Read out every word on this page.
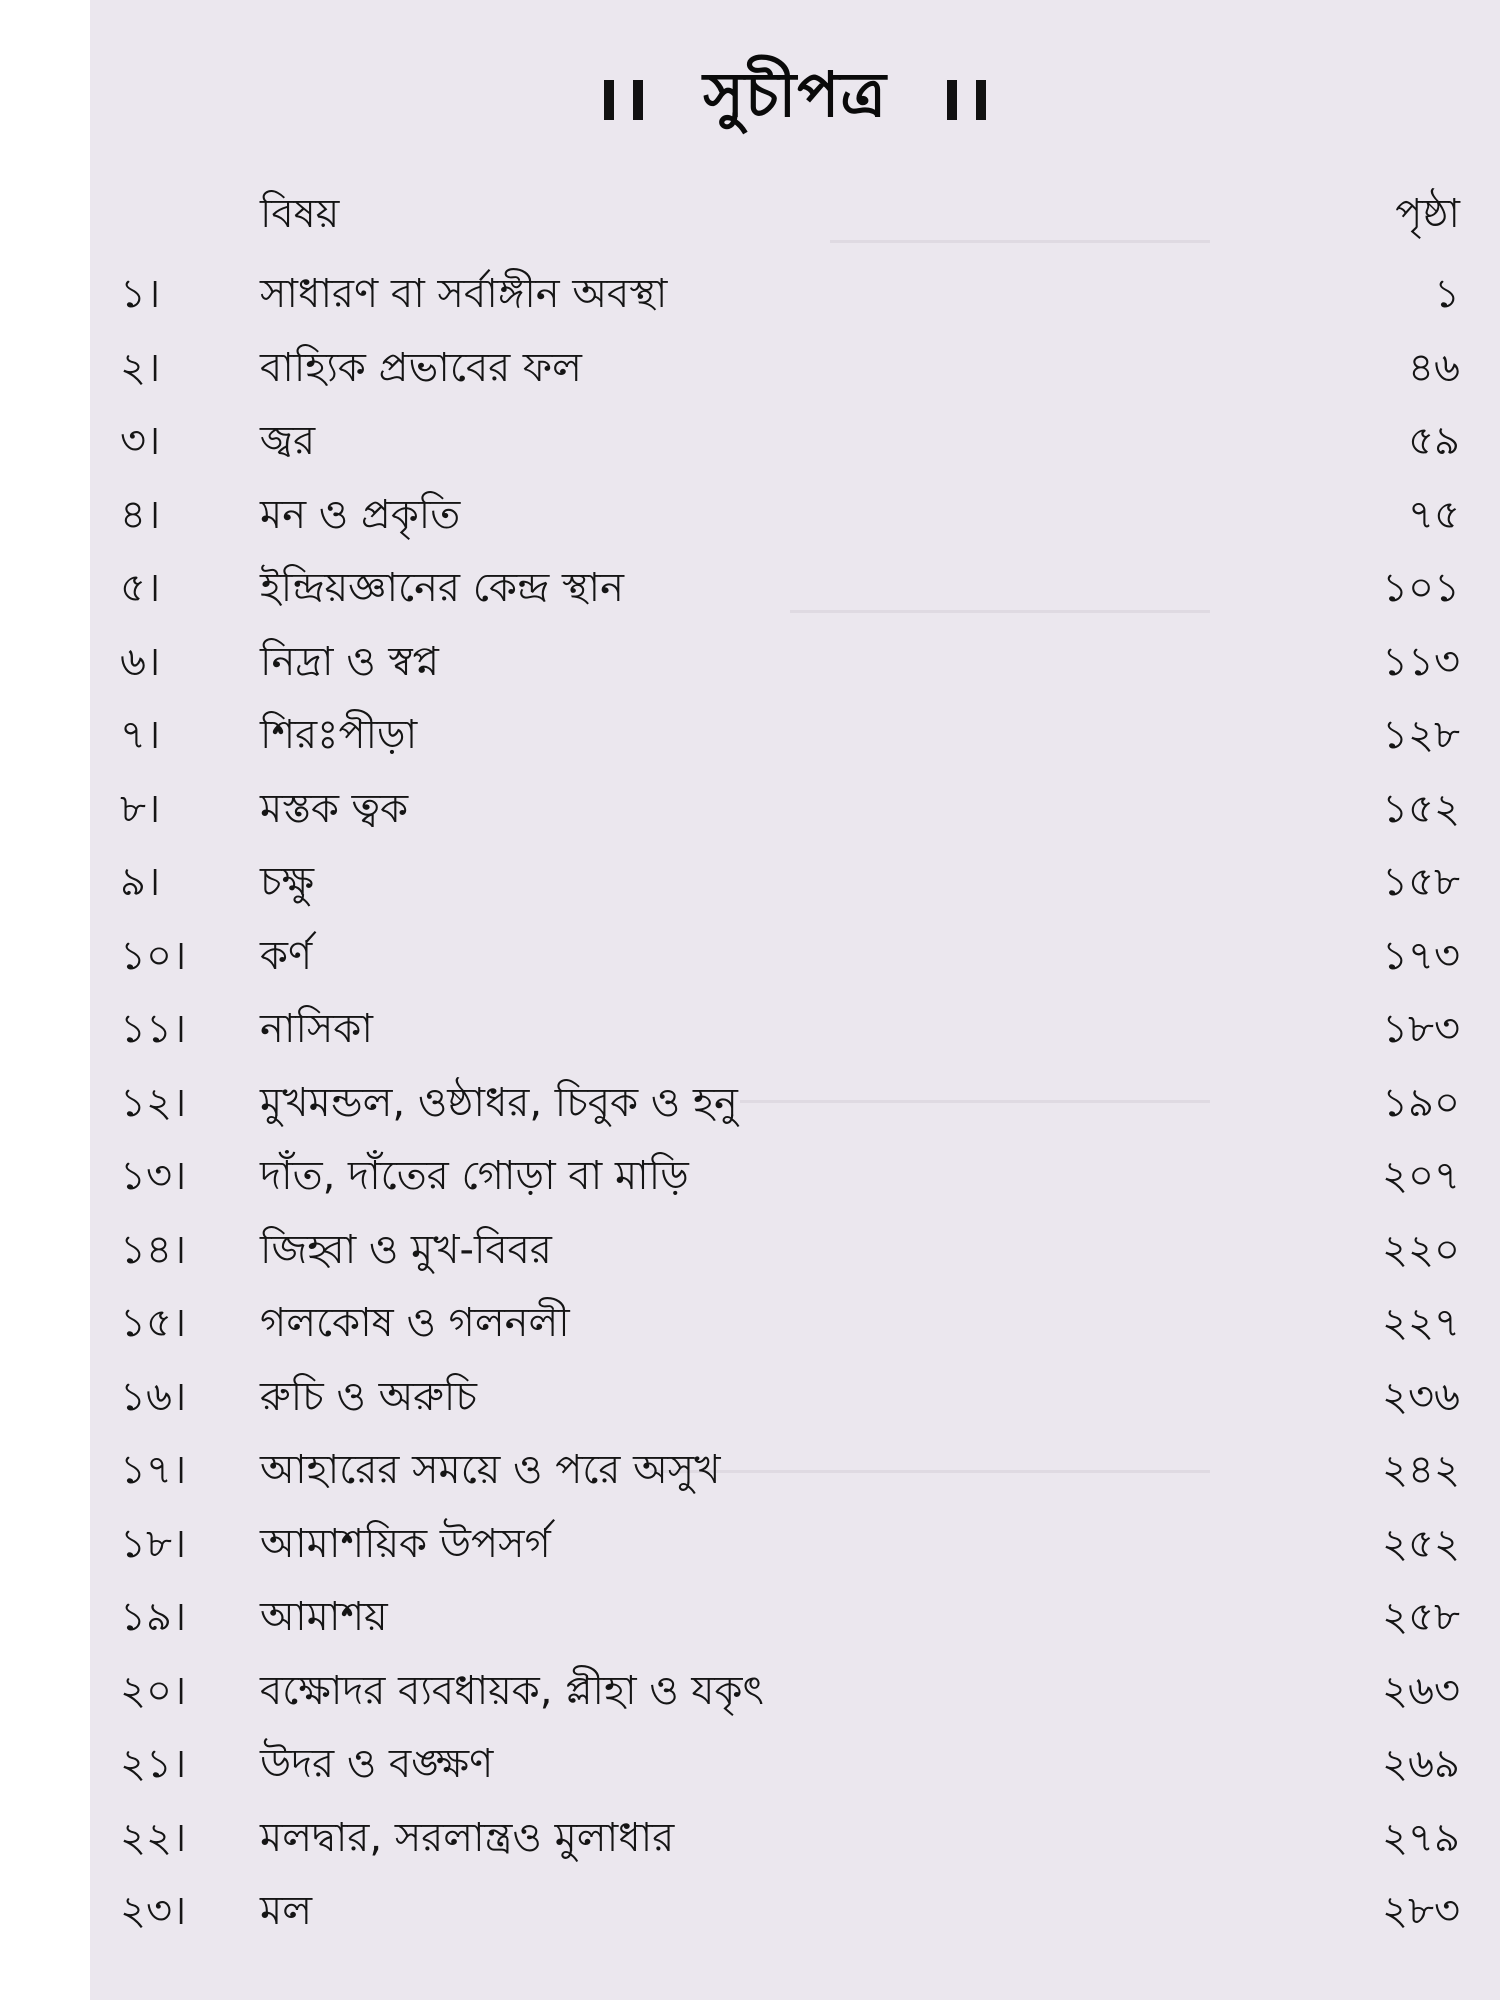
সুচীপত্র
বিষয়	পৃষ্ঠা
১।	সাধারণ বা সর্বাঙ্গীন অবস্থা	১
২।	বাহ্যিক প্রভাবের ফল	৪৬
৩।	জ্বর	৫৯
৪।	মন ও প্রকৃতি	৭৫
৫।	ইন্দ্রিয়জ্ঞানের কেন্দ্র স্থান	১০১
৬।	নিদ্রা ও স্বপ্ন	১১৩
৭।	শিরঃপীড়া	১২৮
৮।	মস্তক ত্বক	১৫২
৯।	চক্ষু	১৫৮
১০।	কর্ণ	১৭৩
১১।	নাসিকা	১৮৩
১২।	মুখমন্ডল, ওষ্ঠাধর, চিবুক ও হনু	১৯০
১৩।	দাঁত, দাঁতের গোড়া বা মাড়ি	২০৭
১৪।	জিহ্বা ও মুখ-বিবর	২২০
১৫।	গলকোষ ও গলনলী	২২৭
১৬।	রুচি ও অরুচি	২৩৬
১৭।	আহারের সময়ে ও পরে অসুখ	২৪২
১৮।	আমাশয়িক উপসর্গ	২৫২
১৯।	আমাশয়	২৫৮
২০।	বক্ষোদর ব্যবধায়ক, প্লীহা ও যকৃৎ	২৬৩
২১।	উদর ও বঙ্ক্ষণ	২৬৯
২২।	মলদ্বার, সরলান্ত্রও মুলাধার	২৭৯
২৩।	মল	২৮৩
